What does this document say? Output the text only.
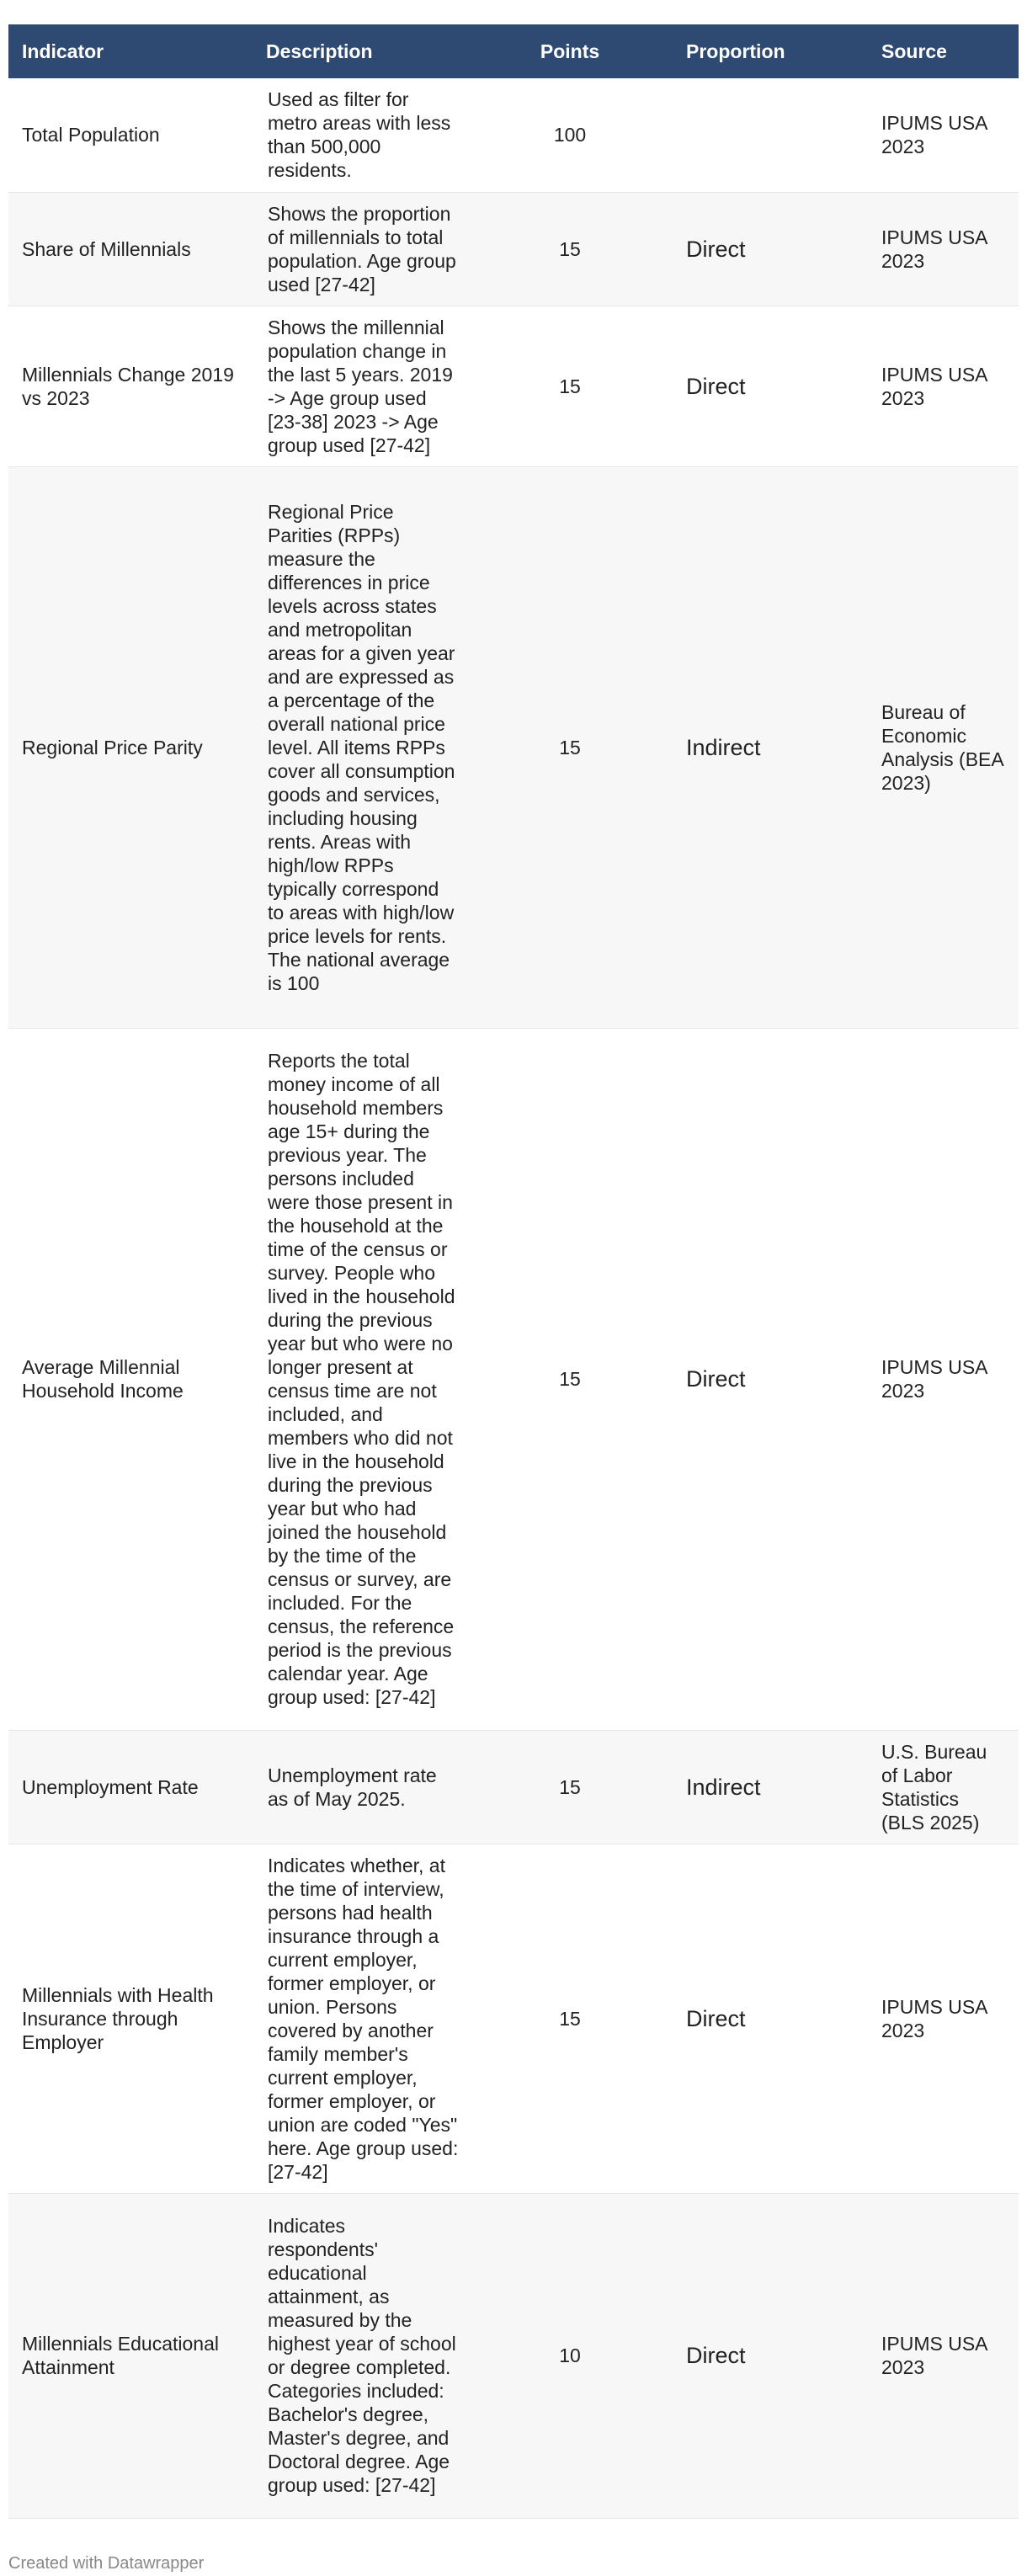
Indicator	Description	Points	Proportion	Source
Total Population	Used as filter for metro areas with less than 500,000 residents.	100		IPUMS USA 2023
Share of Millennials	Shows the proportion of millennials to total population. Age group used [27-42]	15	Direct	IPUMS USA 2023
Millennials Change 2019 vs 2023	Shows the millennial population change in the last 5 years. 2019 -> Age group used [23-38] 2023 -> Age group used [27-42]	15	Direct	IPUMS USA 2023
Regional Price Parity	Regional Price Parities (RPPs) measure the differences in price levels across states and metropolitan areas for a given year and are expressed as a percentage of the overall national price level. All items RPPs cover all consumption goods and services, including housing rents. Areas with high/low RPPs typically correspond to areas with high/low price levels for rents. The national average is 100	15	Indirect	Bureau of Economic Analysis (BEA 2023)
Average Millennial Household Income	Reports the total money income of all household members age 15+ during the previous year. The persons included were those present in the household at the time of the census or survey. People who lived in the household during the previous year but who were no longer present at census time are not included, and members who did not live in the household during the previous year but who had joined the household by the time of the census or survey, are included. For the census, the reference period is the previous calendar year. Age group used: [27-42]	15	Direct	IPUMS USA 2023
Unemployment Rate	Unemployment rate as of May 2025.	15	Indirect	U.S. Bureau of Labor Statistics (BLS 2025)
Millennials with Health Insurance through Employer	Indicates whether, at the time of interview, persons had health insurance through a current employer, former employer, or union. Persons covered by another family member's current employer, former employer, or union are coded "Yes" here. Age group used: [27-42]	15	Direct	IPUMS USA 2023
Millennials Educational Attainment	Indicates respondents' educational attainment, as measured by the highest year of school or degree completed. Categories included: Bachelor's degree, Master's degree, and Doctoral degree. Age group used: [27-42]	10	Direct	IPUMS USA 2023
Created with Datawrapper
